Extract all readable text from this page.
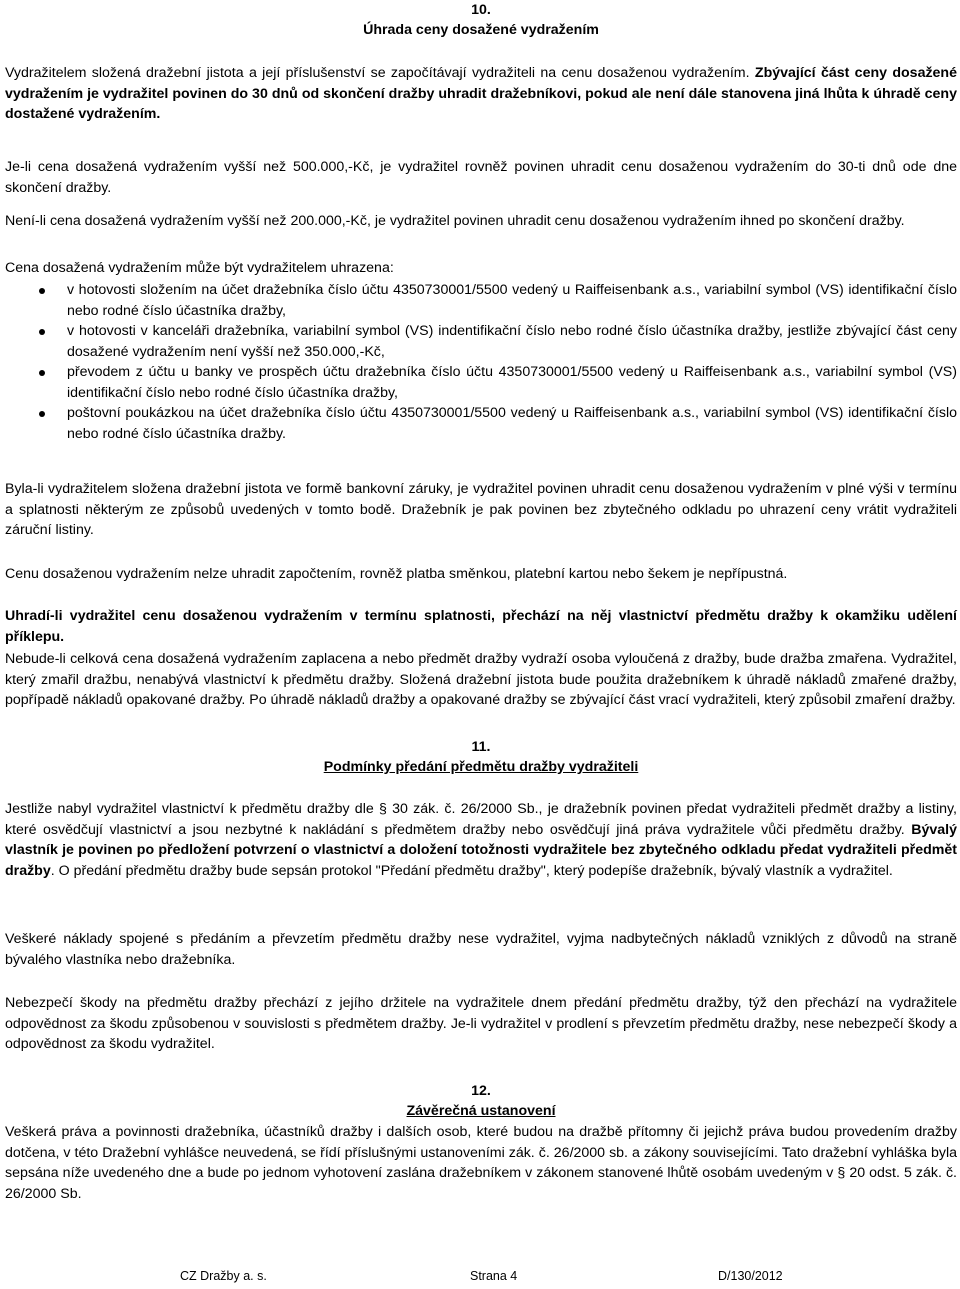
10.
Úhrada ceny dosažené vydražením

Vydražitelem složená dražební jistota a její příslušenství se započítávají vydražiteli na cenu dosaženou vydražením. Zbývající část ceny dosažené vydražením je vydražitel povinen do 30 dnů od skončení dražby uhradit dražebníkovi, pokud ale není dále stanovena jiná lhůta k úhradě ceny dostažené vydražením.

Je-li cena dosažená vydražením vyšší než 500.000,-Kč, je vydražitel rovněž povinen uhradit cenu dosaženou vydražením do 30-ti dnů ode dne skončení dražby.

Není-li cena dosažená vydražením vyšší než 200.000,-Kč, je vydražitel povinen uhradit cenu dosaženou vydražením ihned po skončení dražby.

Cena dosažená vydražením může být vydražitelem uhrazena:

v hotovosti složením na účet dražebníka číslo účtu 4350730001/5500 vedený u Raiffeisenbank a.s., variabilní symbol (VS) identifikační číslo nebo rodné číslo účastníka dražby,
v hotovosti v kanceláři dražebníka, variabilní symbol (VS) indentifikační číslo nebo rodné číslo účastníka dražby, jestliže zbývající část ceny dosažené vydražením není vyšší než 350.000,-Kč,
převodem z účtu u banky ve prospěch účtu dražebníka číslo účtu 4350730001/5500 vedený u Raiffeisenbank a.s., variabilní symbol (VS) identifikační číslo nebo rodné číslo účastníka dražby,
poštovní poukázkou na účet dražebníka číslo účtu 4350730001/5500 vedený u Raiffeisenbank a.s., variabilní symbol (VS) identifikační číslo nebo rodné číslo účastníka dražby.

Byla-li vydražitelem složena dražební jistota ve formě bankovní záruky, je vydražitel povinen uhradit cenu dosaženou vydražením v plné výši v termínu a splatnosti některým ze způsobů uvedených v tomto bodě. Dražebník je pak povinen bez zbytečného odkladu po uhrazení ceny vrátit vydražiteli záruční listiny.

Cenu dosaženou vydražením nelze uhradit započtením, rovněž platba směnkou, platební kartou nebo šekem je nepřípustná.

Uhradí-li vydražitel cenu dosaženou vydražením v termínu splatnosti, přechází na něj vlastnictví předmětu dražby k okamžiku udělení příklepu.

Nebude-li celková cena dosažená vydražením zaplacena a nebo předmět dražby vydraží osoba vyloučená z dražby, bude dražba zmařena. Vydražitel, který zmařil dražbu, nenabývá vlastnictví k předmětu dražby. Složená dražební jistota bude použita dražebníkem k úhradě nákladů zmařené dražby, popřípadě nákladů opakované dražby. Po úhradě nákladů dražby a opakované dražby se zbývající část vrací vydražiteli, který způsobil zmaření dražby.

11.
Podmínky předání předmětu dražby vydražiteli

Jestliže nabyl vydražitel vlastnictví k předmětu dražby dle § 30 zák. č. 26/2000 Sb., je dražebník povinen předat vydražiteli předmět dražby a listiny, které osvědčují vlastnictví a jsou nezbytné k nakládání s předmětem dražby nebo osvědčují jiná práva vydražitele vůči předmětu dražby. Bývalý vlastník je povinen po předložení potvrzení o vlastnictví a doložení totožnosti vydražitele bez zbytečného odkladu předat vydražiteli předmět dražby. O předání předmětu dražby bude sepsán protokol "Předání předmětu dražby", který podepíše dražebník, bývalý vlastník a vydražitel.

Veškeré náklady spojené s předáním a převzetím předmětu dražby nese vydražitel, vyjma nadbytečných nákladů vzniklých z důvodů na straně bývalého vlastníka nebo dražebníka.

Nebezpečí škody na předmětu dražby přechází z jejího držitele na vydražitele dnem předání předmětu dražby, týž den přechází na vydražitele odpovědnost za škodu způsobenou v souvislosti s předmětem dražby. Je-li vydražitel v prodlení s převzetím předmětu dražby, nese nebezpečí škody a odpovědnost za škodu vydražitel.

12.
Závěrečná ustanovení

Veškerá práva a povinnosti dražebníka, účastníků dražby i dalších osob, které budou na dražbě přítomny či jejichž práva budou provedením dražby dotčena, v této Dražební vyhlášce neuvedená, se řídí příslušnými ustanoveními zák. č. 26/2000 sb. a zákony souvisejícími. Tato dražební vyhláška byla sepsána níže uvedeného dne a bude po jednom vyhotovení zaslána dražebníkem v zákonem stanovené lhůtě osobám uvedeným v § 20 odst. 5 zák. č. 26/2000 Sb.

CZ Dražby a. s.	Strana 4	D/130/2012
